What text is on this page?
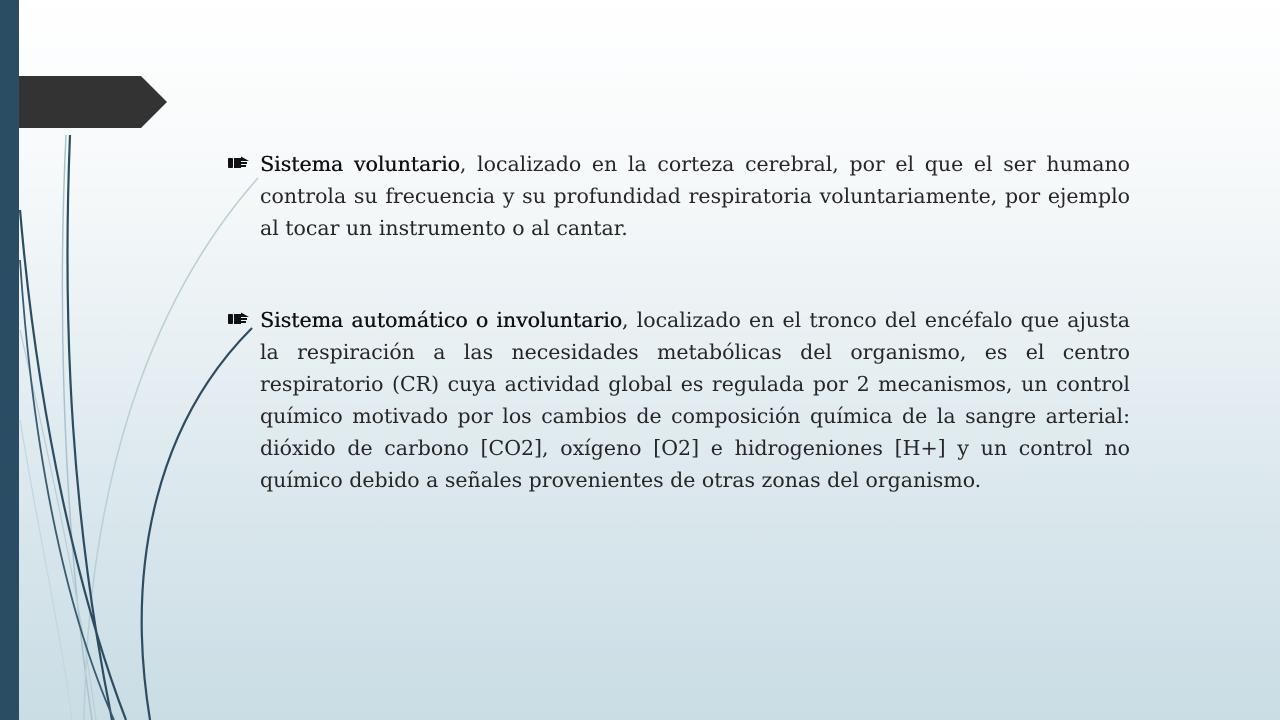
Sistema voluntario, localizado en la corteza cerebral, por el que el ser humano controla su frecuencia y su profundidad respiratoria voluntariamente, por ejemplo al tocar un instrumento o al cantar.
Sistema automático o involuntario, localizado en el tronco del encéfalo que ajusta la respiración a las necesidades metabólicas del organismo, es el centro respiratorio (CR) cuya actividad global es regulada por 2 mecanismos, un control químico motivado por los cambios de composición química de la sangre arterial: dióxido de carbono [CO2], oxígeno [O2] e hidrogeniones [H+] y un control no químico debido a señales provenientes de otras zonas del organismo.
